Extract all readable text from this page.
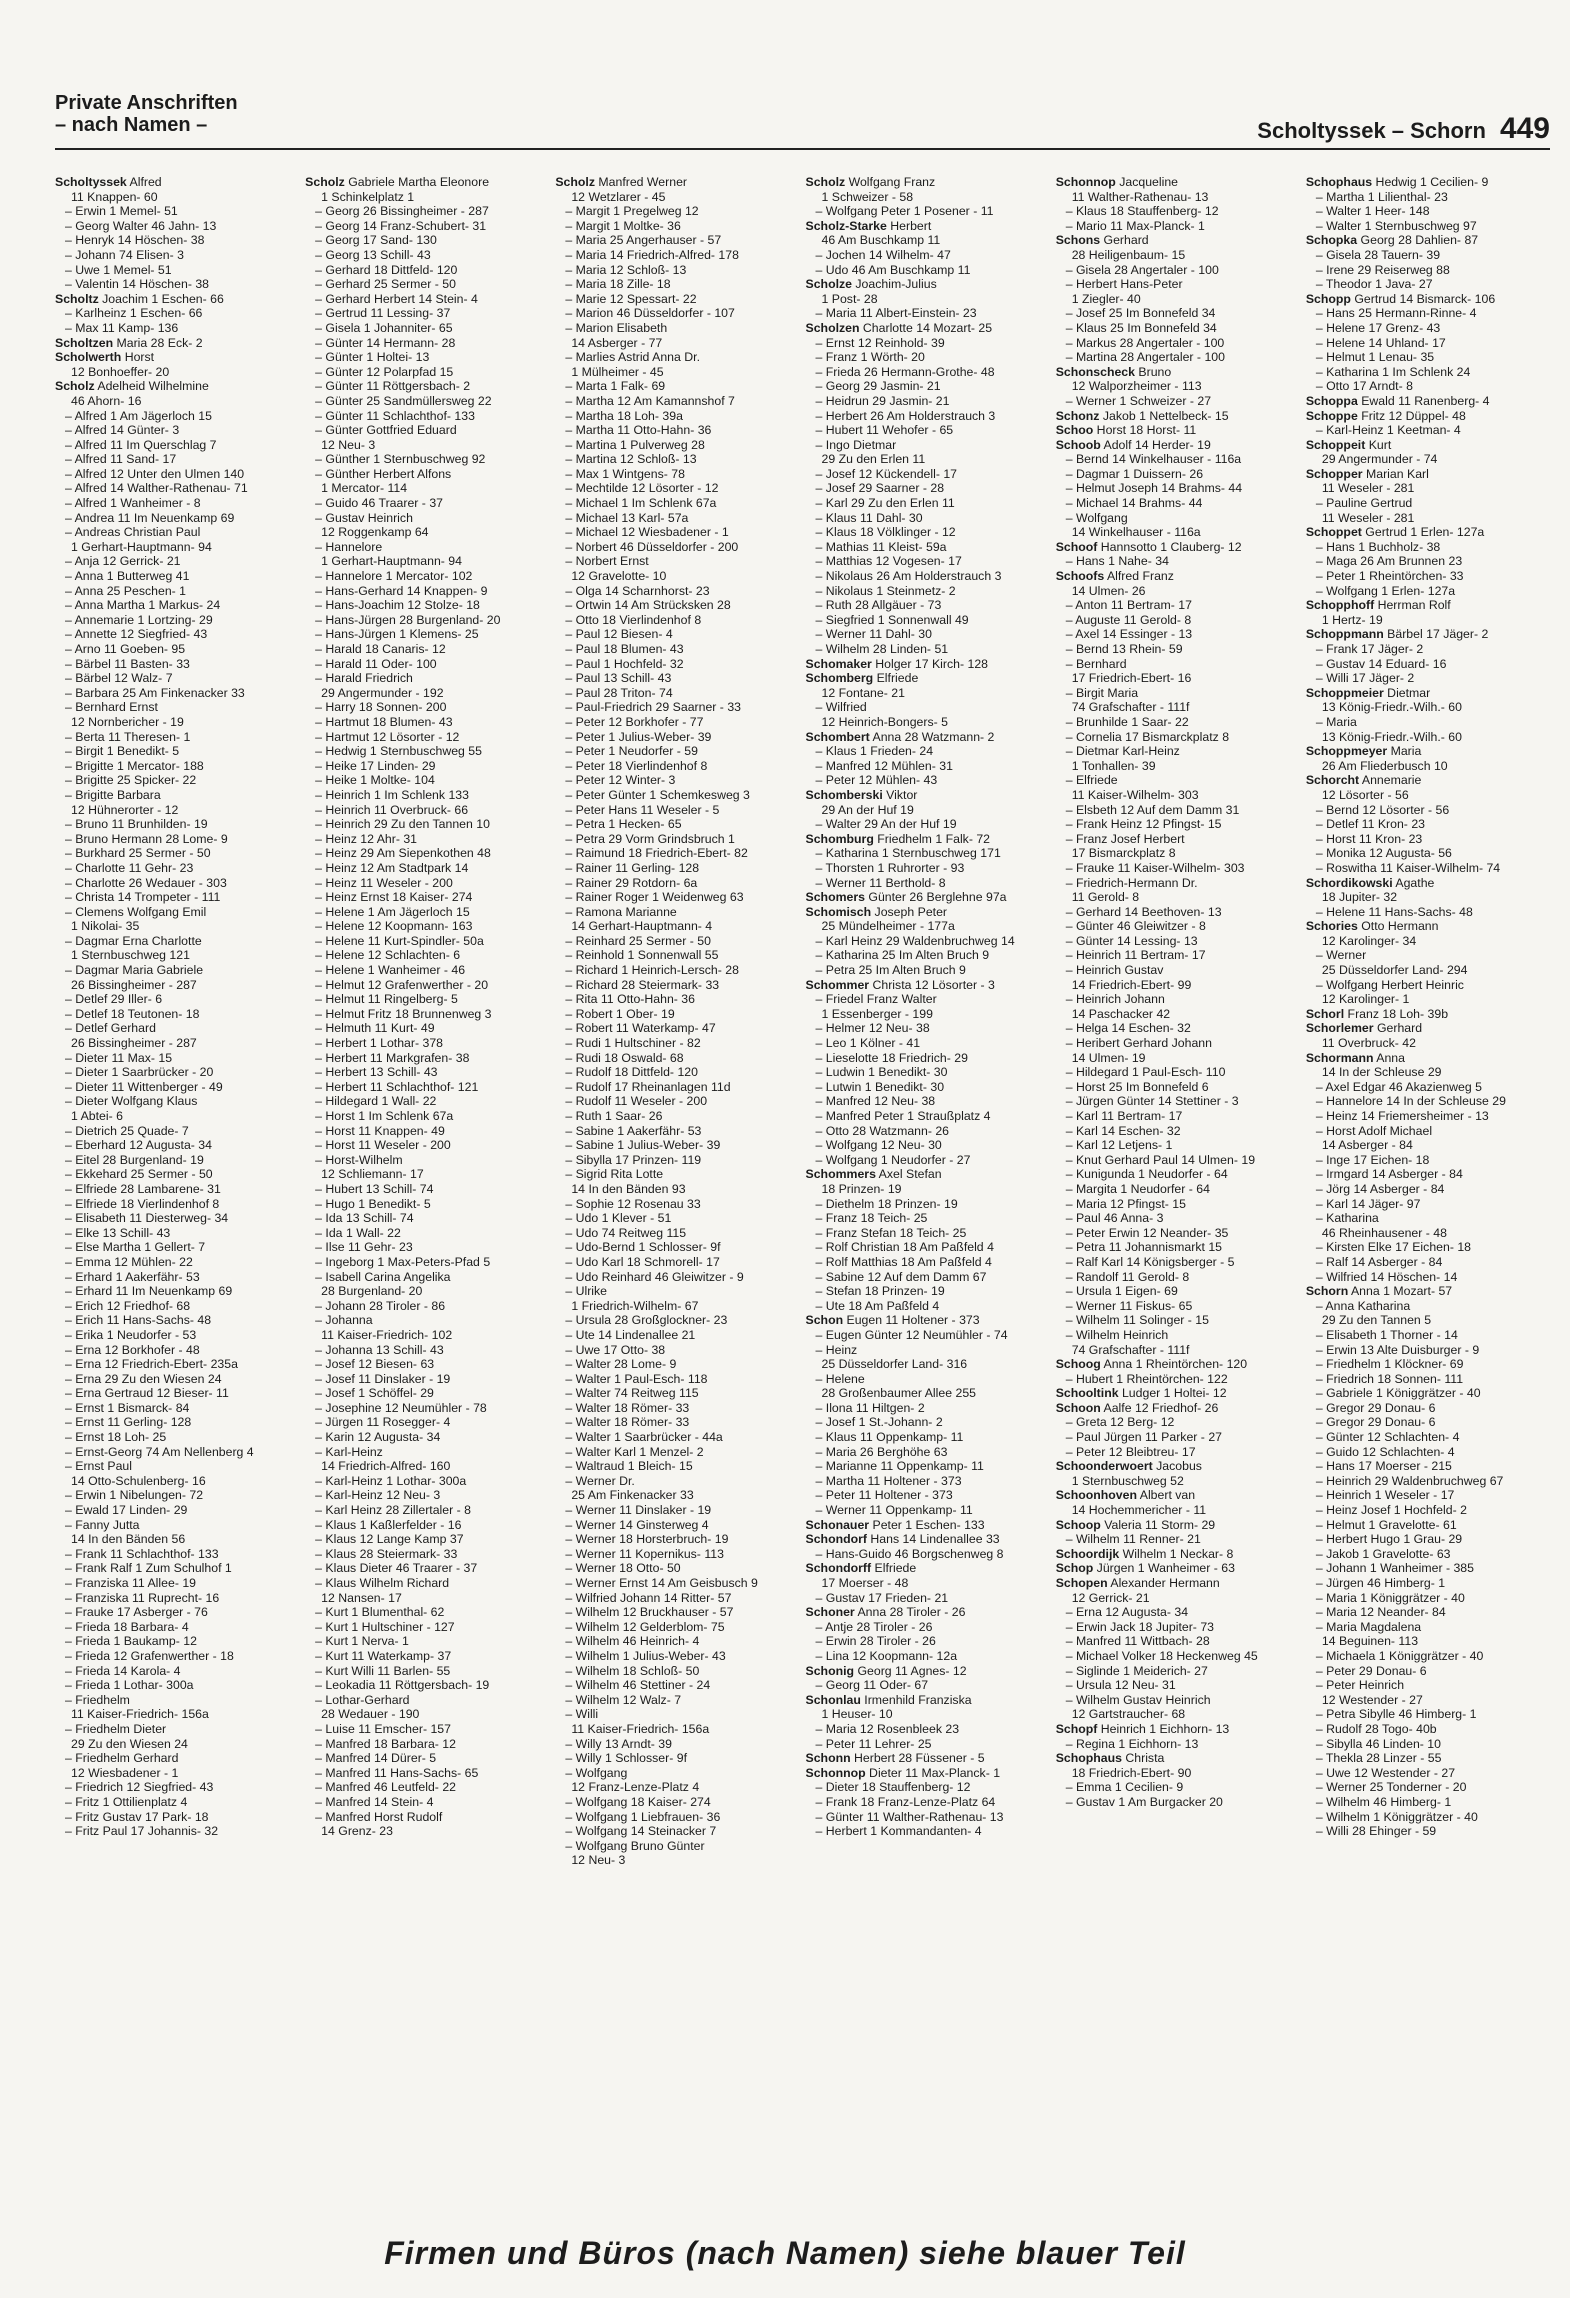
Private Anschriften
– nach Namen –	Scholtyssek – Schorn 449
Scholtyssek Alfred
11 Knappen- 60
– Erwin 1 Memel- 51
– Georg Walter 46 Jahn- 13
– Henryk 14 Höschen- 38
– Johann 74 Elisen- 3
– Uwe 1 Memel- 51
– Valentin 14 Höschen- 38
Scholtz Joachim 1 Eschen- 66
– Karlheinz 1 Eschen- 66
– Max 11 Kamp- 136
Scholtzen Maria 28 Eck- 2
Scholwerth Horst
12 Bonhoeffer- 20
Scholz Adelheid Wilhelmine
46 Ahorn- 16
– Alfred 1 Am Jägerloch 15
– Alfred 14 Günter- 3
– Alfred 11 Im Querschlag 7
– Alfred 11 Sand- 17
– Alfred 12 Unter den Ulmen 140
– Alfred 14 Walther-Rathenau- 71
– Alfred 1 Wanheimer - 8
– Andrea 11 Im Neuenkamp 69
– Andreas Christian Paul
1 Gerhart-Hauptmann- 94
– Anja 12 Gerrick- 21
– Anna 1 Butterweg 41
– Anna 25 Peschen- 1
– Anna Martha 1 Markus- 24
– Annemarie 1 Lortzing- 29
– Annette 12 Siegfried- 43
– Arno 11 Goeben- 95
– Bärbel 11 Basten- 33
– Bärbel 12 Walz- 7
– Barbara 25 Am Finkenacker 33
– Bernhard Ernst
12 Nornbericher - 19
– Berta 11 Theresen- 1
– Birgit 1 Benedikt- 5
– Brigitte 1 Mercator- 188
– Brigitte 25 Spicker- 22
– Brigitte Barbara
12 Hühnerorter - 12
– Bruno 11 Brunhilden- 19
– Bruno Hermann 28 Lome- 9
– Burkhard 25 Sermer - 50
– Charlotte 11 Gehr- 23
– Charlotte 26 Wedauer - 303
– Christa 14 Trompeter - 111
– Clemens Wolfgang Emil
1 Nikolai- 35
– Dagmar Erna Charlotte
1 Sternbuschweg 121
– Dagmar Maria Gabriele
26 Bissingheimer - 287
– Detlef 29 Iller- 6
– Detlef 18 Teutonen- 18
– Detlef Gerhard
26 Bissingheimer - 287
– Dieter 11 Max- 15
– Dieter 1 Saarbrücker - 20
– Dieter 11 Wittenberger - 49
– Dieter Wolfgang Klaus
1 Abtei- 6
– Dietrich 25 Quade- 7
– Eberhard 12 Augusta- 34
– Eitel 28 Burgenland- 19
– Ekkehard 25 Sermer - 50
– Elfriede 28 Lambarene- 31
– Elfriede 18 Vierlindenhof 8
– Elisabeth 11 Diesterweg- 34
– Elke 13 Schill- 43
– Else Martha 1 Gellert- 7
– Emma 12 Mühlen- 22
– Erhard 1 Aakerfähr- 53
– Erhard 11 Im Neuenkamp 69
– Erich 12 Friedhof- 68
– Erich 11 Hans-Sachs- 48
– Erika 1 Neudorfer - 53
– Erna 12 Borkhofer - 48
– Erna 12 Friedrich-Ebert- 235a
– Erna 29 Zu den Wiesen 24
– Erna Gertraud 12 Bieser- 11
– Ernst 1 Bismarck- 84
– Ernst 11 Gerling- 128
– Ernst 18 Loh- 25
– Ernst-Georg 74 Am Nellenberg 4
– Ernst Paul
14 Otto-Schulenberg- 16
– Erwin 1 Nibelungen- 72
– Ewald 17 Linden- 29
– Fanny Jutta
14 In den Bänden 56
– Frank 11 Schlachthof- 133
– Frank Ralf 1 Zum Schulhof 1
– Franziska 11 Allee- 19
– Franziska 11 Ruprecht- 16
– Frauke 17 Asberger - 76
– Frieda 18 Barbara- 4
– Frieda 1 Baukamp- 12
– Frieda 12 Grafenwerther - 18
– Frieda 14 Karola- 4
– Frieda 1 Lothar- 300a
– Friedhelm
11 Kaiser-Friedrich- 156a
– Friedhelm Dieter
29 Zu den Wiesen 24
– Friedhelm Gerhard
12 Wiesbadener - 1
– Friedrich 12 Siegfried- 43
– Fritz 1 Ottilienplatz 4
– Fritz Gustav 17 Park- 18
– Fritz Paul 17 Johannis- 32
Scholz Gabriele Martha Eleonore
1 Schinkelplatz 1
– Georg 26 Bissingheimer - 287
– Georg 14 Franz-Schubert- 31
– Georg 17 Sand- 130
– Georg 13 Schill- 43
– Gerhard 18 Dittfeld- 120
– Gerhard 25 Sermer - 50
– Gerhard Herbert 14 Stein- 4
– Gertrud 11 Lessing- 37
– Gisela 1 Johanniter- 65
– Günter 14 Hermann- 28
– Günter 1 Holtei- 13
– Günter 12 Polarpfad 15
– Günter 11 Röttgersbach- 2
– Günter 25 Sandmüllersweg 22
– Günter 11 Schlachthof- 133
– Günter Gottfried Eduard
12 Neu- 3
– Günther 1 Sternbuschweg 92
– Günther Herbert Alfons
1 Mercator- 114
– Guido 46 Traarer - 37
– Gustav Heinrich
12 Roggenkamp 64
– Hannelore
1 Gerhart-Hauptmann- 94
– Hannelore 1 Mercator- 102
– Hans-Gerhard 14 Knappen- 9
– Hans-Joachim 12 Stolze- 18
– Hans-Jürgen 28 Burgenland- 20
– Hans-Jürgen 1 Klemens- 25
– Harald 18 Canaris- 12
– Harald 11 Oder- 100
– Harald Friedrich
29 Angermunder - 192
– Harry 18 Sonnen- 200
– Hartmut 18 Blumen- 43
– Hartmut 12 Lösorter - 12
– Hedwig 1 Sternbuschweg 55
– Heike 17 Linden- 29
– Heike 1 Moltke- 104
– Heinrich 1 Im Schlenk 133
– Heinrich 11 Overbruck- 66
– Heinrich 29 Zu den Tannen 10
– Heinz 12 Ahr- 31
– Heinz 29 Am Siepenkothen 48
– Heinz 12 Am Stadtpark 14
– Heinz 11 Weseler - 200
– Heinz Ernst 18 Kaiser- 274
– Helene 1 Am Jägerloch 15
– Helene 12 Koopmann- 163
– Helene 11 Kurt-Spindler- 50a
– Helene 12 Schlachten- 6
– Helene 1 Wanheimer - 46
– Helmut 12 Grafenwerther - 20
– Helmut 11 Ringelberg- 5
– Helmut Fritz 18 Brunnenweg 3
– Helmuth 11 Kurt- 49
– Herbert 1 Lothar- 378
– Herbert 11 Markgrafen- 38
– Herbert 13 Schill- 43
– Herbert 11 Schlachthof- 121
– Hildegard 1 Wall- 22
– Horst 1 Im Schlenk 67a
– Horst 11 Knappen- 49
– Horst 11 Weseler - 200
– Horst-Wilhelm
12 Schliemann- 17
– Hubert 13 Schill- 74
– Hugo 1 Benedikt- 5
– Ida 13 Schill- 74
– Ida 1 Wall- 22
– Ilse 11 Gehr- 23
– Ingeborg 1 Max-Peters-Pfad 5
– Isabell Carina Angelika
28 Burgenland- 20
– Johann 28 Tiroler - 86
– Johanna
11 Kaiser-Friedrich- 102
– Johanna 13 Schill- 43
– Josef 12 Biesen- 63
– Josef 11 Dinslaker - 19
– Josef 1 Schöffel- 29
– Josephine 12 Neumühler - 78
– Jürgen 11 Rosegger- 4
– Karin 12 Augusta- 34
– Karl-Heinz
14 Friedrich-Alfred- 160
– Karl-Heinz 1 Lothar- 300a
– Karl-Heinz 12 Neu- 3
– Karl Heinz 28 Zillertaler - 8
– Klaus 1 Kaßlerfelder - 16
– Klaus 12 Lange Kamp 37
– Klaus 28 Steiermark- 33
– Klaus Dieter 46 Traarer - 37
– Klaus Wilhelm Richard
12 Nansen- 17
– Kurt 1 Blumenthal- 62
– Kurt 1 Hultschiner - 127
– Kurt 1 Nerva- 1
– Kurt 11 Waterkamp- 37
– Kurt Willi 11 Barlen- 55
– Leokadia 11 Röttgersbach- 19
– Lothar-Gerhard
28 Wedauer - 190
– Luise 11 Emscher- 157
– Manfred 18 Barbara- 12
– Manfred 14 Dürer- 5
– Manfred 11 Hans-Sachs- 65
– Manfred 46 Leutfeld- 22
– Manfred 14 Stein- 4
– Manfred Horst Rudolf
14 Grenz- 23
Scholz Manfred Werner
12 Wetzlarer - 45
– Margit 1 Pregelweg 12
– Margit 1 Moltke- 36
– Maria 25 Angerhauser - 57
– Maria 14 Friedrich-Alfred- 178
– Maria 12 Schloß- 13
– Maria 18 Zille- 18
– Marie 12 Spessart- 22
– Marion 46 Düsseldorfer - 107
– Marion Elisabeth
14 Asberger - 77
– Marlies Astrid Anna Dr.
1 Mülheimer - 45
– Marta 1 Falk- 69
– Martha 12 Am Kamannshof 7
– Martha 18 Loh- 39a
– Martha 11 Otto-Hahn- 36
– Martina 1 Pulverweg 28
– Martina 12 Schloß- 13
– Max 1 Wintgens- 78
– Mechtilde 12 Lösorter - 12
– Michael 1 Im Schlenk 67a
– Michael 13 Karl- 57a
– Michael 12 Wiesbadener - 1
– Norbert 46 Düsseldorfer - 200
– Norbert Ernst
12 Gravelotte- 10
– Olga 14 Scharnhorst- 23
– Ortwin 14 Am Strücksken 28
– Otto 18 Vierlindenhof 8
– Paul 12 Biesen- 4
– Paul 18 Blumen- 43
– Paul 1 Hochfeld- 32
– Paul 13 Schill- 43
– Paul 28 Triton- 74
– Paul-Friedrich 29 Saarner - 33
– Peter 12 Borkhofer - 77
– Peter 1 Julius-Weber- 39
– Peter 1 Neudorfer - 59
– Peter 18 Vierlindenhof 8
– Peter 12 Winter- 3
– Peter Günter 1 Schemkesweg 3
– Peter Hans 11 Weseler - 5
– Petra 1 Hecken- 65
– Petra 29 Vorm Grindsbruch 1
– Raimund 18 Friedrich-Ebert- 82
– Rainer 11 Gerling- 128
– Rainer 29 Rotdorn- 6a
– Rainer Roger 1 Weidenweg 63
– Ramona Marianne
14 Gerhart-Hauptmann- 4
– Reinhard 25 Sermer - 50
– Reinhold 1 Sonnenwall 55
– Richard 1 Heinrich-Lersch- 28
– Richard 28 Steiermark- 33
– Rita 11 Otto-Hahn- 36
– Robert 1 Ober- 19
– Robert 11 Waterkamp- 47
– Rudi 1 Hultschiner - 82
– Rudi 18 Oswald- 68
– Rudolf 18 Dittfeld- 120
– Rudolf 17 Rheinanlagen 11d
– Rudolf 11 Weseler - 200
– Ruth 1 Saar- 26
– Sabine 1 Aakerfähr- 53
– Sabine 1 Julius-Weber- 39
– Sibylla 17 Prinzen- 119
– Sigrid Rita Lotte
14 In den Bänden 93
– Sophie 12 Rosenau 33
– Udo 1 Klever - 51
– Udo 74 Reitweg 115
– Udo-Bernd 1 Schlosser- 9f
– Udo Karl 18 Schmorell- 17
– Udo Reinhard 46 Gleiwitzer - 9
– Ulrike
1 Friedrich-Wilhelm- 67
– Ursula 28 Großglockner- 23
– Ute 14 Lindenallee 21
– Uwe 17 Otto- 38
– Walter 28 Lome- 9
– Walter 1 Paul-Esch- 118
– Walter 74 Reitweg 115
– Walter 18 Römer- 33
– Walter 18 Römer- 33
– Walter 1 Saarbrücker - 44a
– Walter Karl 1 Menzel- 2
– Waltraud 1 Bleich- 15
– Werner Dr.
25 Am Finkenacker 33
– Werner 11 Dinslaker - 19
– Werner 14 Ginsterweg 4
– Werner 18 Horsterbruch- 19
– Werner 11 Kopernikus- 113
– Werner 18 Otto- 50
– Werner Ernst 14 Am Geisbusch 9
– Wilfried Johann 14 Ritter- 57
– Wilhelm 12 Bruckhauser - 57
– Wilhelm 12 Gelderblom- 75
– Wilhelm 46 Heinrich- 4
– Wilhelm 1 Julius-Weber- 43
– Wilhelm 18 Schloß- 50
– Wilhelm 46 Stettiner - 24
– Wilhelm 12 Walz- 7
– Willi
11 Kaiser-Friedrich- 156a
– Willy 13 Arndt- 39
– Willy 1 Schlosser- 9f
– Wolfgang
12 Franz-Lenze-Platz 4
– Wolfgang 18 Kaiser- 274
– Wolfgang 1 Liebfrauen- 36
– Wolfgang 14 Steinacker 7
– Wolfgang Bruno Günter
12 Neu- 3
Scholz Wolfgang Franz
1 Schweizer - 58
– Wolfgang Peter 1 Posener - 11
Scholz-Starke Herbert
46 Am Buschkamp 11
– Jochen 14 Wilhelm- 47
– Udo 46 Am Buschkamp 11
Scholze Joachim-Julius
1 Post- 28
– Maria 11 Albert-Einstein- 23
Scholzen Charlotte 14 Mozart- 25
– Ernst 12 Reinhold- 39
– Franz 1 Wörth- 20
– Frieda 26 Hermann-Grothe- 48
– Georg 29 Jasmin- 21
– Heidrun 29 Jasmin- 21
– Herbert 26 Am Holderstrauch 3
– Hubert 11 Wehofer - 65
– Ingo Dietmar
29 Zu den Erlen 11
– Josef 12 Kückendell- 17
– Josef 29 Saarner - 28
– Karl 29 Zu den Erlen 11
– Klaus 11 Dahl- 30
– Klaus 18 Völklinger - 12
– Mathias 11 Kleist- 59a
– Matthias 12 Vogesen- 17
– Nikolaus 26 Am Holderstrauch 3
– Nikolaus 1 Steinmetz- 2
– Ruth 28 Allgäuer - 73
– Siegfried 1 Sonnenwall 49
– Werner 11 Dahl- 30
– Wilhelm 28 Linden- 51
Schomaker Holger 17 Kirch- 128
Schomberg Elfriede
12 Fontane- 21
– Wilfried
12 Heinrich-Bongers- 5
Schombert Anna 28 Watzmann- 2
– Klaus 1 Frieden- 24
– Manfred 12 Mühlen- 31
– Peter 12 Mühlen- 43
Schomberski Viktor
29 An der Huf 19
– Walter 29 An der Huf 19
Schomburg Friedhelm 1 Falk- 72
– Katharina 1 Sternbuschweg 171
– Thorsten 1 Ruhrorter - 93
– Werner 11 Berthold- 8
Schomers Günter 26 Berglehne 97a
Schomisch Joseph Peter
25 Mündelheimer - 177a
– Karl Heinz 29 Waldenbruchweg 14
– Katharina 25 Im Alten Bruch 9
– Petra 25 Im Alten Bruch 9
Schommer Christa 12 Lösorter - 3
– Friedel Franz Walter
1 Essenberger - 199
– Helmer 12 Neu- 38
– Leo 1 Kölner - 41
– Lieselotte 18 Friedrich- 29
– Ludwin 1 Benedikt- 30
– Lutwin 1 Benedikt- 30
– Manfred 12 Neu- 38
– Manfred Peter 1 Straußplatz 4
– Otto 28 Watzmann- 26
– Wolfgang 12 Neu- 30
– Wolfgang 1 Neudorfer - 27
Schommers Axel Stefan
18 Prinzen- 19
– Diethelm 18 Prinzen- 19
– Franz 18 Teich- 25
– Franz Stefan 18 Teich- 25
– Rolf Christian 18 Am Paßfeld 4
– Rolf Matthias 18 Am Paßfeld 4
– Sabine 12 Auf dem Damm 67
– Stefan 18 Prinzen- 19
– Ute 18 Am Paßfeld 4
Schon Eugen 11 Holtener - 373
– Eugen Günter 12 Neumühler - 74
– Heinz
25 Düsseldorfer Land- 316
– Helene
28 Großenbaumer Allee 255
– Ilona 11 Hiltgen- 2
– Josef 1 St.-Johann- 2
– Klaus 11 Oppenkamp- 11
– Maria 26 Berghöhe 63
– Marianne 11 Oppenkamp- 11
– Martha 11 Holtener - 373
– Peter 11 Holtener - 373
– Werner 11 Oppenkamp- 11
Schonauer Peter 1 Eschen- 133
Schondorf Hans 14 Lindenallee 33
– Hans-Guido 46 Borgschenweg 8
Schondorff Elfriede
17 Moerser - 48
– Gustav 17 Frieden- 21
Schoner Anna 28 Tiroler - 26
– Antje 28 Tiroler - 26
– Erwin 28 Tiroler - 26
– Lina 12 Koopmann- 12a
Schonig Georg 11 Agnes- 12
– Georg 11 Oder- 67
Schonlau Irmenhild Franziska
1 Heuser- 10
– Maria 12 Rosenbleek 23
– Peter 11 Lehrer- 25
Schonn Herbert 28 Füssener - 5
Schonnop Dieter 11 Max-Planck- 1
– Dieter 18 Stauffenberg- 12
– Frank 18 Franz-Lenze-Platz 64
– Günter 11 Walther-Rathenau- 13
– Herbert 1 Kommandanten- 4
Schonnop Jacqueline
11 Walther-Rathenau- 13
– Klaus 18 Stauffenberg- 12
– Mario 11 Max-Planck- 1
Schons Gerhard
28 Heiligenbaum- 15
– Gisela 28 Angertaler - 100
– Herbert Hans-Peter
1 Ziegler- 40
– Josef 25 Im Bonnefeld 34
– Klaus 25 Im Bonnefeld 34
– Markus 28 Angertaler - 100
– Martina 28 Angertaler - 100
Schonscheck Bruno
12 Walporzheimer - 113
– Werner 1 Schweizer - 27
Schonz Jakob 1 Nettelbeck- 15
Schoo Horst 18 Horst- 11
Schoob Adolf 14 Herder- 19
– Bernd 14 Winkelhauser - 116a
– Dagmar 1 Duissern- 26
– Helmut Joseph 14 Brahms- 44
– Michael 14 Brahms- 44
– Wolfgang
14 Winkelhauser - 116a
Schoof Hannsotto 1 Clauberg- 12
– Hans 1 Nahe- 34
Schoofs Alfred Franz
14 Ulmen- 26
– Anton 11 Bertram- 17
– Auguste 11 Gerold- 8
– Axel 14 Essinger - 13
– Bernd 13 Rhein- 59
– Bernhard
17 Friedrich-Ebert- 16
– Birgit Maria
74 Grafschafter - 111f
– Brunhilde 1 Saar- 22
– Cornelia 17 Bismarckplatz 8
– Dietmar Karl-Heinz
1 Tonhallen- 39
– Elfriede
11 Kaiser-Wilhelm- 303
– Elsbeth 12 Auf dem Damm 31
– Frank Heinz 12 Pfingst- 15
– Franz Josef Herbert
17 Bismarckplatz 8
– Frauke 11 Kaiser-Wilhelm- 303
– Friedrich-Hermann Dr.
11 Gerold- 8
– Gerhard 14 Beethoven- 13
– Günter 46 Gleiwitzer - 8
– Günter 14 Lessing- 13
– Heinrich 11 Bertram- 17
– Heinrich Gustav
14 Friedrich-Ebert- 99
– Heinrich Johann
14 Paschacker 42
– Helga 14 Eschen- 32
– Heribert Gerhard Johann
14 Ulmen- 19
– Hildegard 1 Paul-Esch- 110
– Horst 25 Im Bonnefeld 6
– Jürgen Günter 14 Stettiner - 3
– Karl 11 Bertram- 17
– Karl 14 Eschen- 32
– Karl 12 Letjens- 1
– Knut Gerhard Paul 14 Ulmen- 19
– Kunigunda 1 Neudorfer - 64
– Margita 1 Neudorfer - 64
– Maria 12 Pfingst- 15
– Paul 46 Anna- 3
– Peter Erwin 12 Neander- 35
– Petra 11 Johannismarkt 15
– Ralf Karl 14 Königsberger - 5
– Randolf 11 Gerold- 8
– Ursula 1 Eigen- 69
– Werner 11 Fiskus- 65
– Wilhelm 11 Solinger - 15
– Wilhelm Heinrich
74 Grafschafter - 111f
Schoog Anna 1 Rheintörchen- 120
– Hubert 1 Rheintörchen- 122
Schooltink Ludger 1 Holtei- 12
Schoon Aalfe 12 Friedhof- 26
– Greta 12 Berg- 12
– Paul Jürgen 11 Parker - 27
– Peter 12 Bleibtreu- 17
Schoonderwoert Jacobus
1 Sternbuschweg 52
Schoonhoven Albert van
14 Hochemmericher - 11
Schoop Valeria 11 Storm- 29
– Wilhelm 11 Renner- 21
Schoordijk Wilhelm 1 Neckar- 8
Schop Jürgen 1 Wanheimer - 63
Schopen Alexander Hermann
12 Gerrick- 21
– Erna 12 Augusta- 34
– Erwin Jack 18 Jupiter- 73
– Manfred 11 Wittbach- 28
– Michael Volker 18 Heckenweg 45
– Siglinde 1 Meiderich- 27
– Ursula 12 Neu- 31
– Wilhelm Gustav Heinrich
12 Gartstraucher- 68
Schopf Heinrich 1 Eichhorn- 13
– Regina 1 Eichhorn- 13
Schophaus Christa
18 Friedrich-Ebert- 90
– Emma 1 Cecilien- 9
– Gustav 1 Am Burgacker 20
Schophaus Hedwig 1 Cecilien- 9
– Martha 1 Lilienthal- 23
– Walter 1 Heer- 148
– Walter 1 Sternbuschweg 97
Schopka Georg 28 Dahlien- 87
– Gisela 28 Tauern- 39
– Irene 29 Reiserweg 88
– Theodor 1 Java- 27
Schopp Gertrud 14 Bismarck- 106
– Hans 25 Hermann-Rinne- 4
– Helene 17 Grenz- 43
– Helene 14 Uhland- 17
– Helmut 1 Lenau- 35
– Katharina 1 Im Schlenk 24
– Otto 17 Arndt- 8
Schoppa Ewald 11 Ranenberg- 4
Schoppe Fritz 12 Düppel- 48
– Karl-Heinz 1 Keetman- 4
Schoppeit Kurt
29 Angermunder - 74
Schopper Marian Karl
11 Weseler - 281
– Pauline Gertrud
11 Weseler - 281
Schoppet Gertrud 1 Erlen- 127a
– Hans 1 Buchholz- 38
– Maga 26 Am Brunnen 23
– Peter 1 Rheintörchen- 33
– Wolfgang 1 Erlen- 127a
Schopphoff Herrman Rolf
1 Hertz- 19
Schoppmann Bärbel 17 Jäger- 2
– Frank 17 Jäger- 2
– Gustav 14 Eduard- 16
– Willi 17 Jäger- 2
Schoppmeier Dietmar
13 König-Friedr.-Wilh.- 60
– Maria
13 König-Friedr.-Wilh.- 60
Schoppmeyer Maria
26 Am Fliederbusch 10
Schorcht Annemarie
12 Lösorter - 56
– Bernd 12 Lösorter - 56
– Detlef 11 Kron- 23
– Horst 11 Kron- 23
– Monika 12 Augusta- 56
– Roswitha 11 Kaiser-Wilhelm- 74
Schordikowski Agathe
18 Jupiter- 32
– Helene 11 Hans-Sachs- 48
Schories Otto Hermann
12 Karolinger- 34
– Werner
25 Düsseldorfer Land- 294
– Wolfgang Herbert Heinric
12 Karolinger- 1
Schorl Franz 18 Loh- 39b
Schorlemer Gerhard
11 Overbruck- 42
Schormann Anna
14 In der Schleuse 29
– Axel Edgar 46 Akazienweg 5
– Hannelore 14 In der Schleuse 29
– Heinz 14 Friemersheimer - 13
– Horst Adolf Michael
14 Asberger - 84
– Inge 17 Eichen- 18
– Irmgard 14 Asberger - 84
– Jörg 14 Asberger - 84
– Karl 14 Jäger- 97
– Katharina
46 Rheinhausener - 48
– Kirsten Elke 17 Eichen- 18
– Ralf 14 Asberger - 84
– Wilfried 14 Höschen- 14
Schorn Anna 1 Mozart- 57
– Anna Katharina
29 Zu den Tannen 5
– Elisabeth 1 Thorner - 14
– Erwin 13 Alte Duisburger - 9
– Friedhelm 1 Klöckner- 69
– Friedrich 18 Sonnen- 111
– Gabriele 1 Königgrätzer - 40
– Gregor 29 Donau- 6
– Gregor 29 Donau- 6
– Günter 12 Schlachten- 4
– Guido 12 Schlachten- 4
– Hans 17 Moerser - 215
– Heinrich 29 Waldenbruchweg 67
– Heinrich 1 Weseler - 17
– Heinz Josef 1 Hochfeld- 2
– Helmut 1 Gravelotte- 61
– Herbert Hugo 1 Grau- 29
– Jakob 1 Gravelotte- 63
– Johann 1 Wanheimer - 385
– Jürgen 46 Himberg- 1
– Maria 1 Königgrätzer - 40
– Maria 12 Neander- 84
– Maria Magdalena
14 Beguinen- 113
– Michaela 1 Königgrätzer - 40
– Peter 29 Donau- 6
– Peter Heinrich
12 Westender - 27
– Petra Sibylle 46 Himberg- 1
– Rudolf 28 Togo- 40b
– Sibylla 46 Linden- 10
– Thekla 28 Linzer - 55
– Uwe 12 Westender - 27
– Werner 25 Tonderner - 20
– Wilhelm 46 Himberg- 1
– Wilhelm 1 Königgrätzer - 40
– Willi 28 Ehinger - 59
Firmen und Büros (nach Namen) siehe blauer Teil
